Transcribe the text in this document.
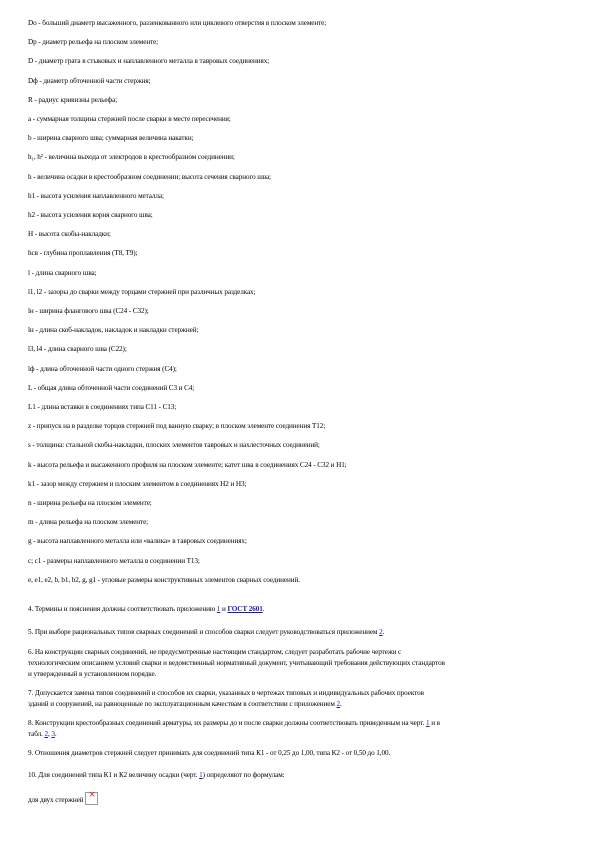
Dо - больший диаметр высаженного, раззенкованного или циклевого отверстия в плоском элементе;
Dр - диаметр рельефа на плоском элементе;
D - диаметр грата в стыковых и наплавленного металла в тавровых соединениях;
Dф - диаметр обточенной части стержня;
R - радиус кривизны рельефа;
а - суммарная толщина стержней после сварки в месте пересечения;
b - ширина сварного шва; суммарная величина накатки;
h₁, h² - величина выхода от электродов в крестообразном соединении;
h - величина осадки в крестообразном соединении; высота сечения сварного шва;
h1 - высота усиления наплавленного металла;
h2 - высота усиления корня сварного шва;
Н - высота скобы-накладки;
hсв - глубина проплавления (Т8, Т9);
l - длина сварного шва;
l1, l2 - зазоры до сварки между торцами стержней при различных разделках;
lн - ширина флангового шва (С24 - С32);
lн - длина скоб-накладок, накладок и накладки стержней;
l3, l4 - длина сварного шва (С22);
lф - длина обточенной части одного стержня (С4);
L - общая длина обточенной части соединений С3 и С4;
L1 - длина вставки в соединениях типа С11 - С13;
z - припуск на в разделке торцов стержней под ванную сварку; в плоском элементе соединения Т12;
s - толщина: стальной скобы-накладки, плоских элементов тавровых и нахлесточных соединений;
k - высота рельефа и высаженного профиля на плоском элементе; катет шва в соединениях С24 - С32 и Н1;
k1 - зазор между стержнем и плоским элементом в соединениях Н2 и Н3;
n - ширина рельефа на плоском элементе;
m - длина рельефа на плоском элементе;
g - высота наплавленного металла или «валика» в тавровых соединениях;
c; c1 - размеры наплавленного металла в соединении Т13;
e, e1, e2, b, b1, b2, g, g1 - угловые размеры конструктивных элементов сварных соединений.
4. Термины и пояснения должны соответствовать приложению 1 и ГОСТ 2601.
5. При выборе рациональных типов сварных соединений и способов сварки следует руководствоваться приложением 2.
6. На конструкции сварных соединений, не предусмотренные настоящим стандартом, следует разработать рабочие чертежи с
технологическим описанием условий сварки и ведомственный нормативный документ, учитывающий требования действующих стандартов
и утвержденный в установленном порядке.
7. Допускается замена типов соединений и способов их сварки, указанных в чертежах типовых и индивидуальных рабочих проектов
зданий и сооружений, на равноценные по эксплуатационным качествам в соответствии с приложением 2.
8. Конструкции крестообразных соединений арматуры, их размеры до и после сварки должны соответствовать приведенным на черт. 1 и в
табл. 2, 3.
9. Отношения диаметров стержней следует принимать для соединений типа К1 - от 0,25 до 1,00, типа К2 - от 0,50 до 1,00.
10. Для соединений типа К1 и К2 величину осадки (черт. 1) определяют по формулам:
для двух стержней×
